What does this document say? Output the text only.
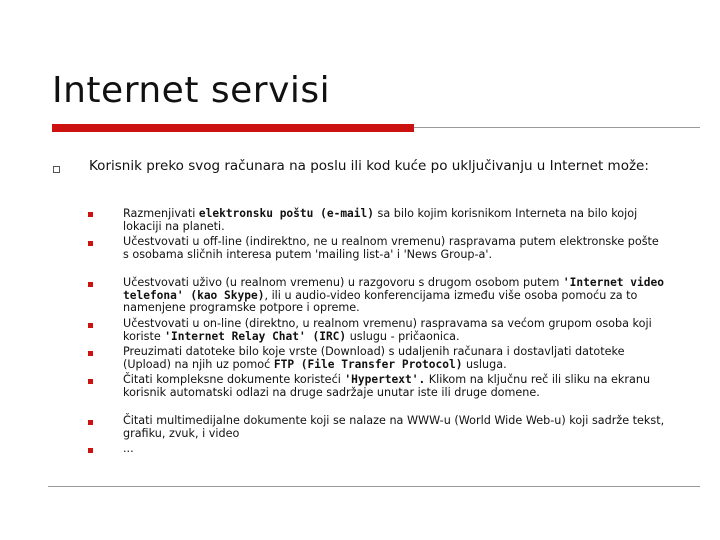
Internet servisi

Korisnik preko svog računara na poslu ili kod kuće po uključivanju u Internet može:

Razmenjivati elektronsku poštu (e-mail) sa bilo kojim korisnikom Interneta na bilo kojoj lokaciji na planeti.

Učestvovati u off-line (indirektno, ne u realnom vremenu) raspravama putem elektronske pošte s osobama sličnih interesa putem 'mailing list-a' i 'News Group-a'.

Učestvovati uživo (u realnom vremenu) u razgovoru s drugom osobom putem 'Internet video telefona' (kao Skype), ili u audio-video konferencijama između više osoba pomoću za to namenjene programske potpore i opreme.

Učestvovati u on-line (direktno, u realnom vremenu) raspravama sa većom grupom osoba koji koriste 'Internet Relay Chat' (IRC) uslugu - pričaonica.

Preuzimati datoteke bilo koje vrste (Download) s udaljenih računara i dostavljati datoteke (Upload) na njih uz pomoć FTP (File Transfer Protocol) usluga.

Čitati kompleksne dokumente koristeći 'Hypertext'. Klikom na ključnu reč ili sliku na ekranu korisnik automatski odlazi na druge sadržaje unutar iste ili druge domene.

Čitati multimedijalne dokumente koji se nalaze na WWW-u (World Wide Web-u) koji sadrže tekst, grafiku, zvuk, i video

...
